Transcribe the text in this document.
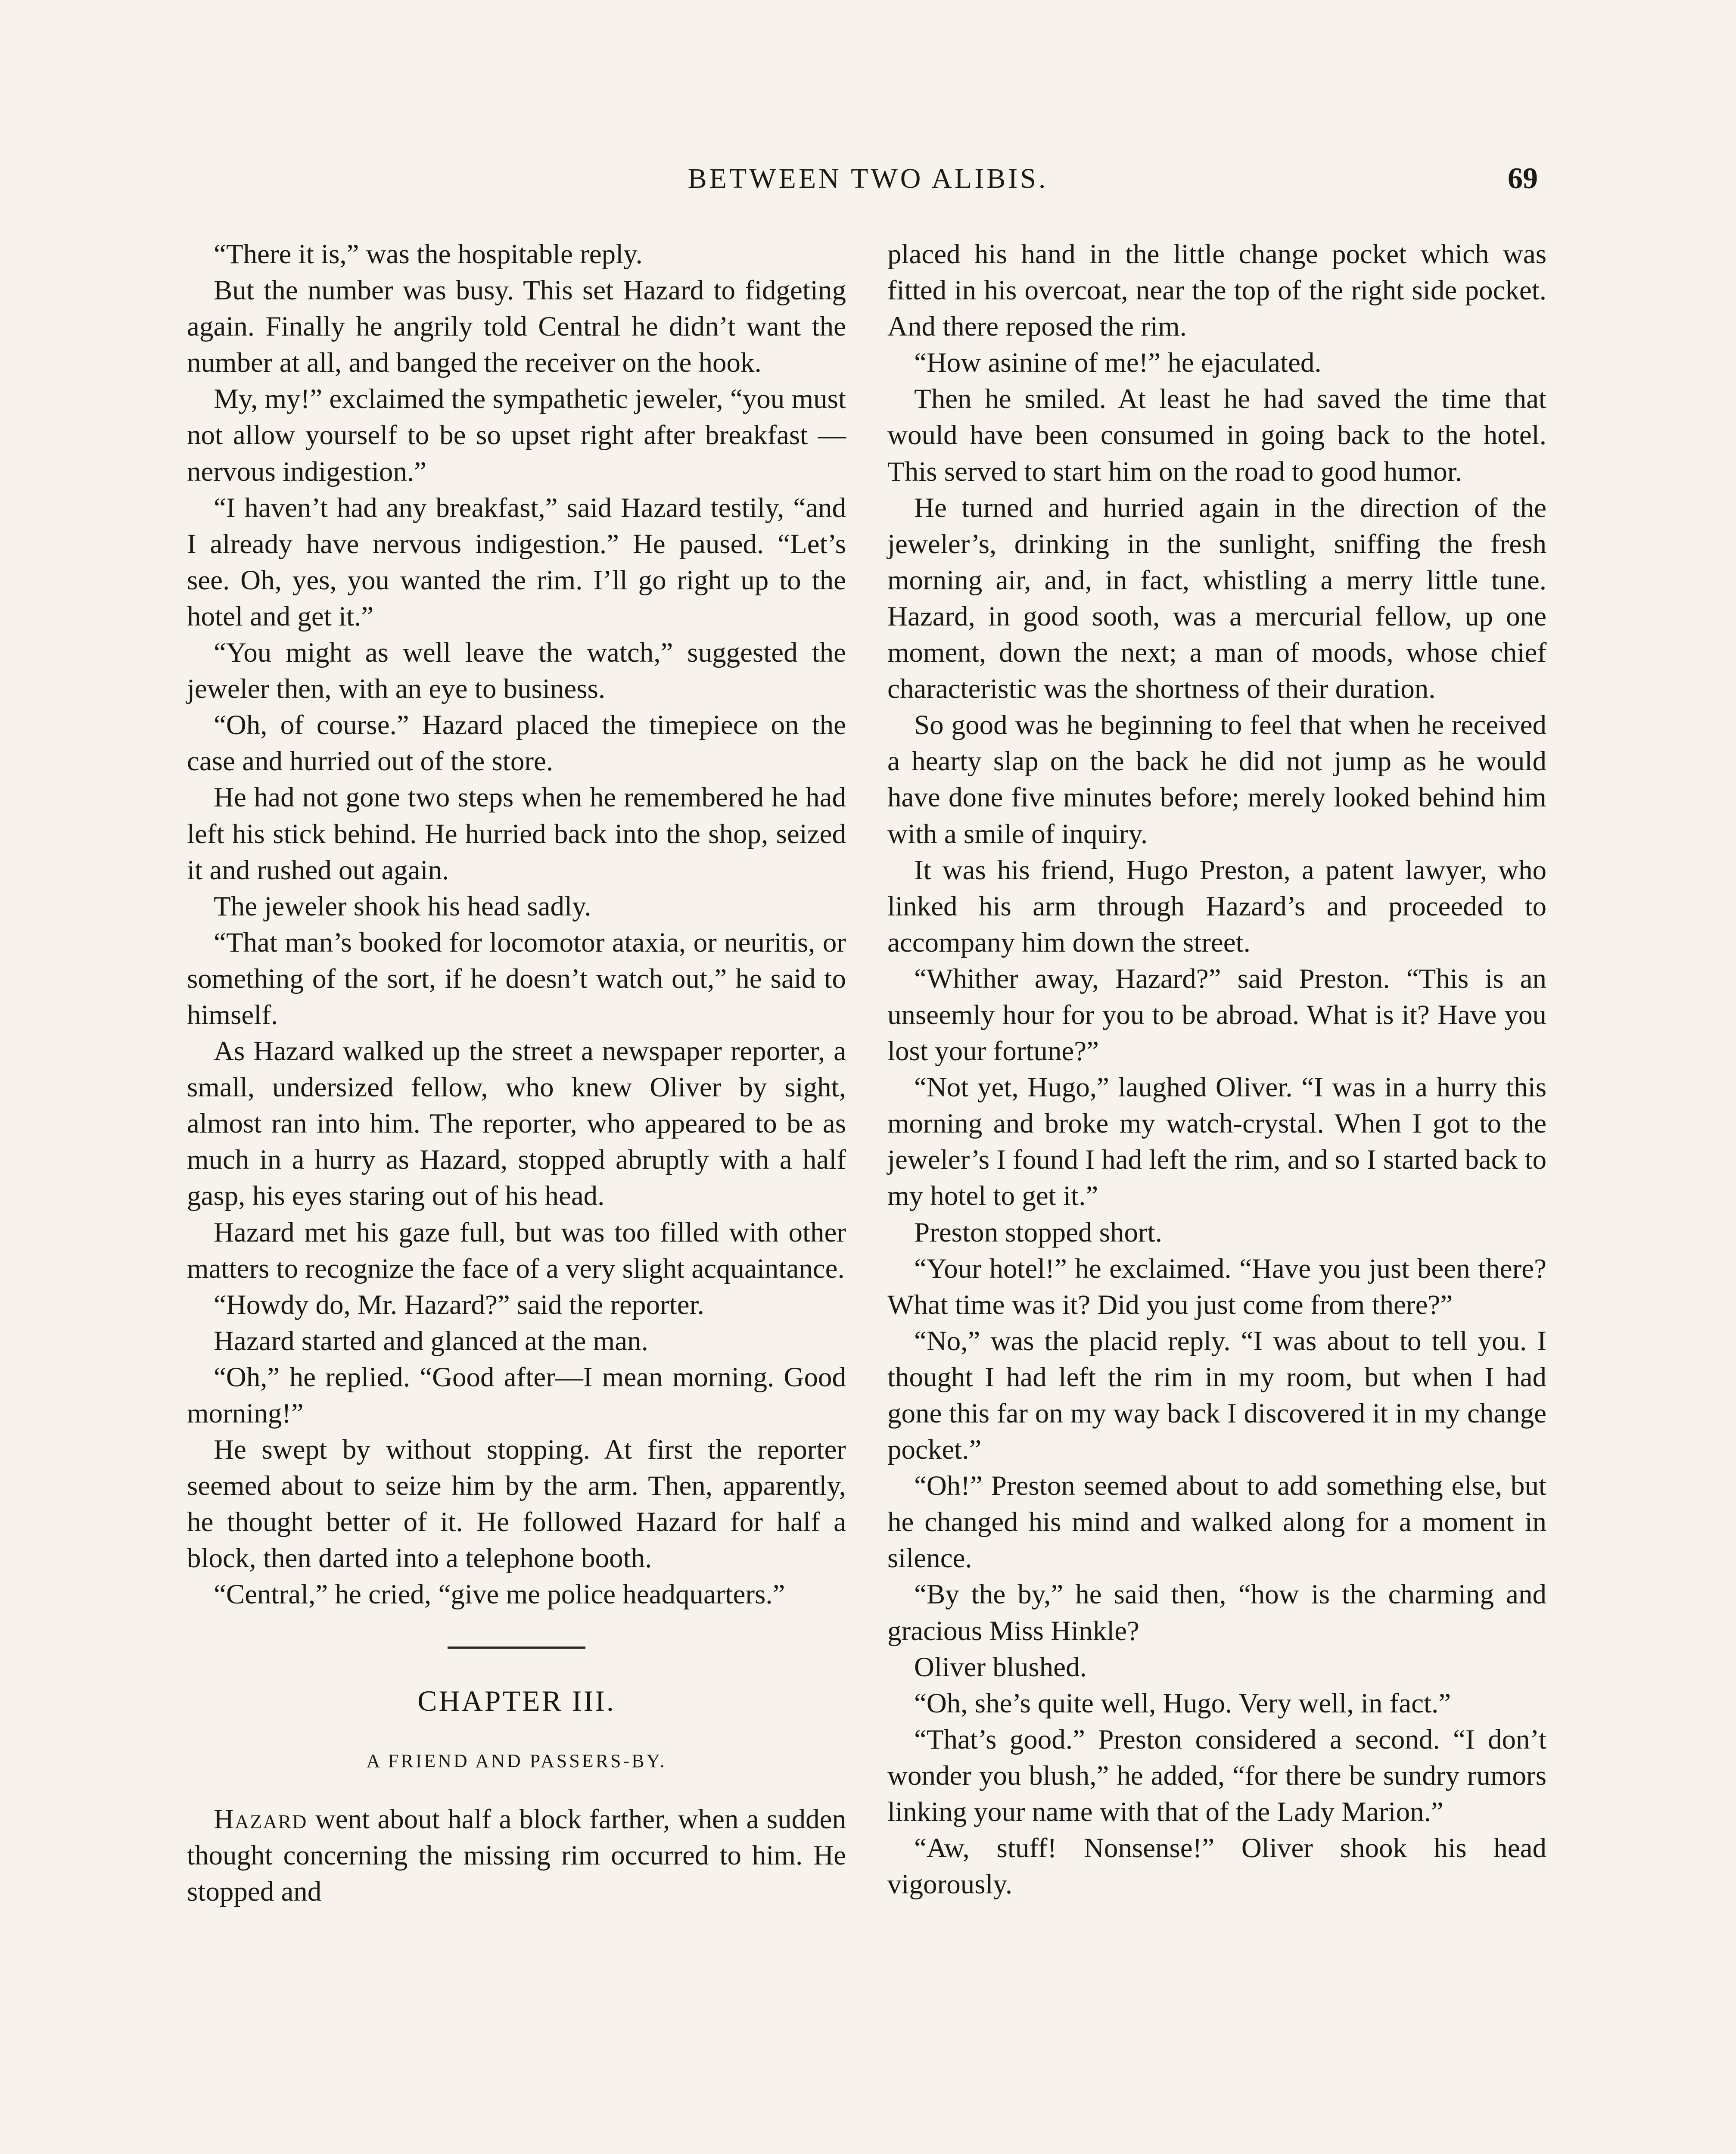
BETWEEN TWO ALIBIS.	69

“There it is,” was the hospitable reply.

But the number was busy. This set Hazard to fidgeting again. Finally he angrily told Central he didn’t want the number at all, and banged the receiver on the hook.

My, my!” exclaimed the sympathetic jeweler, “you must not allow yourself to be so upset right after breakfast — nervous indigestion.”

“I haven’t had any breakfast,” said Hazard testily, “and I already have nervous indigestion.” He paused. “Let’s see. Oh, yes, you wanted the rim. I’ll go right up to the hotel and get it.”

“You might as well leave the watch,” suggested the jeweler then, with an eye to business.

“Oh, of course.” Hazard placed the timepiece on the case and hurried out of the store.

He had not gone two steps when he remembered he had left his stick behind. He hurried back into the shop, seized it and rushed out again.

The jeweler shook his head sadly.

“That man’s booked for locomotor ataxia, or neuritis, or something of the sort, if he doesn’t watch out,” he said to himself.

As Hazard walked up the street a newspaper reporter, a small, undersized fellow, who knew Oliver by sight, almost ran into him. The reporter, who appeared to be as much in a hurry as Hazard, stopped abruptly with a half gasp, his eyes staring out of his head.

Hazard met his gaze full, but was too filled with other matters to recognize the face of a very slight acquaintance.

“Howdy do, Mr. Hazard?” said the reporter.

Hazard started and glanced at the man.

“Oh,” he replied. “Good after—I mean morning. Good morning!”

He swept by without stopping. At first the reporter seemed about to seize him by the arm. Then, apparently, he thought better of it. He followed Hazard for half a block, then darted into a telephone booth.

“Central,” he cried, “give me police headquarters.”

CHAPTER III.
A FRIEND AND PASSERS-BY.

Hazard went about half a block farther, when a sudden thought concerning the missing rim occurred to him. He stopped and

placed his hand in the little change pocket which was fitted in his overcoat, near the top of the right side pocket. And there reposed the rim.

“How asinine of me!” he ejaculated.

Then he smiled. At least he had saved the time that would have been consumed in going back to the hotel. This served to start him on the road to good humor.

He turned and hurried again in the direction of the jeweler’s, drinking in the sunlight, sniffing the fresh morning air, and, in fact, whistling a merry little tune. Hazard, in good sooth, was a mercurial fellow, up one moment, down the next; a man of moods, whose chief characteristic was the shortness of their duration.

So good was he beginning to feel that when he received a hearty slap on the back he did not jump as he would have done five minutes before; merely looked behind him with a smile of inquiry.

It was his friend, Hugo Preston, a patent lawyer, who linked his arm through Hazard’s and proceeded to accompany him down the street.

“Whither away, Hazard?” said Preston. “This is an unseemly hour for you to be abroad. What is it? Have you lost your fortune?”

“Not yet, Hugo,” laughed Oliver. “I was in a hurry this morning and broke my watch-crystal. When I got to the jeweler’s I found I had left the rim, and so I started back to my hotel to get it.”

Preston stopped short.

“Your hotel!” he exclaimed. “Have you just been there? What time was it? Did you just come from there?”

“No,” was the placid reply. “I was about to tell you. I thought I had left the rim in my room, but when I had gone this far on my way back I discovered it in my change pocket.”

“Oh!” Preston seemed about to add something else, but he changed his mind and walked along for a moment in silence.

“By the by,” he said then, “how is the charming and gracious Miss Hinkle?

Oliver blushed.

“Oh, she’s quite well, Hugo. Very well, in fact.”

“That’s good.” Preston considered a second. “I don’t wonder you blush,” he added, “for there be sundry rumors linking your name with that of the Lady Marion.”

“Aw, stuff! Nonsense!” Oliver shook his head vigorously.
